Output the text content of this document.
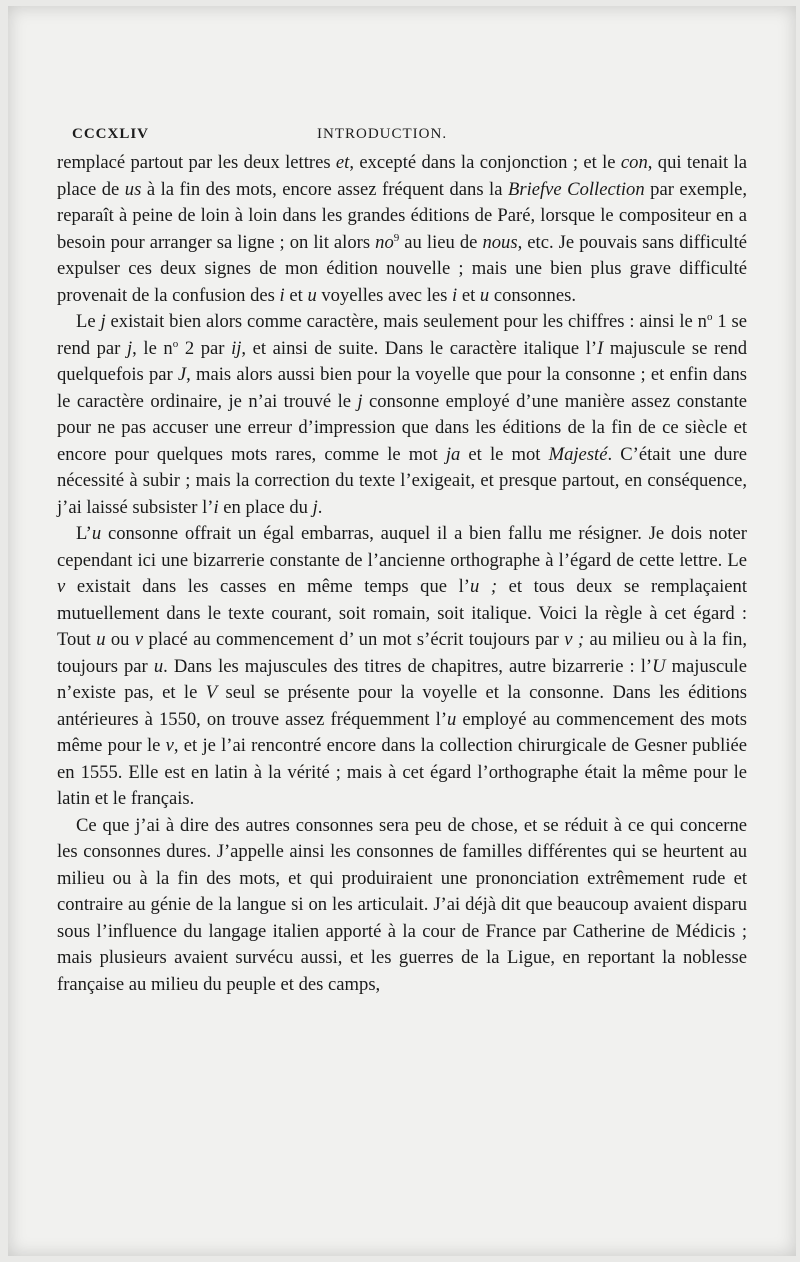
CCCXLIV	INTRODUCTION.

remplacé partout par les deux lettres et, excepté dans la conjonction ; et le con, qui tenait la place de us à la fin des mots, encore assez fréquent dans la Briefve Collection par exemple, reparaît à peine de loin à loin dans les grandes éditions de Paré, lorsque le compositeur en a besoin pour arranger sa ligne ; on lit alors $no^9$ au lieu de nous, etc. Je pouvais sans difficulté expulser ces deux signes de mon édition nouvelle ; mais une bien plus grave difficulté provenait de la confusion des i et u voyelles avec les i et u consonnes.

Le j existait bien alors comme caractère, mais seulement pour les chiffres : ainsi le $n^o$ 1 se rend par j, le $n^o$ 2 par ij, et ainsi de suite. Dans le caractère italique l’I majuscule se rend quelquefois par J, mais alors aussi bien pour la voyelle que pour la consonne ; et enfin dans le caractère ordinaire, je n’ai trouvé le j consonne employé d’une manière assez constante pour ne pas accuser une erreur d’impression que dans les éditions de la fin de ce siècle et encore pour quelques mots rares, comme le mot ja et le mot Majesté. C’était une dure nécessité à subir ; mais la correction du texte l’exigeait, et presque partout, en conséquence, j’ai laissé subsister l’i en place du j.

L’u consonne offrait un égal embarras, auquel il a bien fallu me résigner. Je dois noter cependant ici une bizarrerie constante de l’ancienne orthographe à l’égard de cette lettre. Le v existait dans les casses en même temps que l’u ; et tous deux se remplaçaient mutuellement dans le texte courant, soit romain, soit italique. Voici la règle à cet égard : Tout u ou v placé au commencement d’ un mot s’écrit toujours par v ; au milieu ou à la fin, toujours par u. Dans les majuscules des titres de chapitres, autre bizarrerie : l’U majuscule n’existe pas, et le V seul se présente pour la voyelle et la consonne. Dans les éditions antérieures à 1550, on trouve assez fréquemment l’u employé au commencement des mots même pour le v, et je l’ai rencontré encore dans la collection chirurgicale de Gesner publiée en 1555. Elle est en latin à la vérité ; mais à cet égard l’orthographe était la même pour le latin et le français.

Ce que j’ai à dire des autres consonnes sera peu de chose, et se réduit à ce qui concerne les consonnes dures. J’appelle ainsi les consonnes de familles différentes qui se heurtent au milieu ou à la fin des mots, et qui produiraient une prononciation extrêmement rude et contraire au génie de la langue si on les articulait. J’ai déjà dit que beaucoup avaient disparu sous l’influence du langage italien apporté à la cour de France par Catherine de Médicis ; mais plusieurs avaient survécu aussi, et les guerres de la Ligue, en reportant la noblesse française au milieu du peuple et des camps,
